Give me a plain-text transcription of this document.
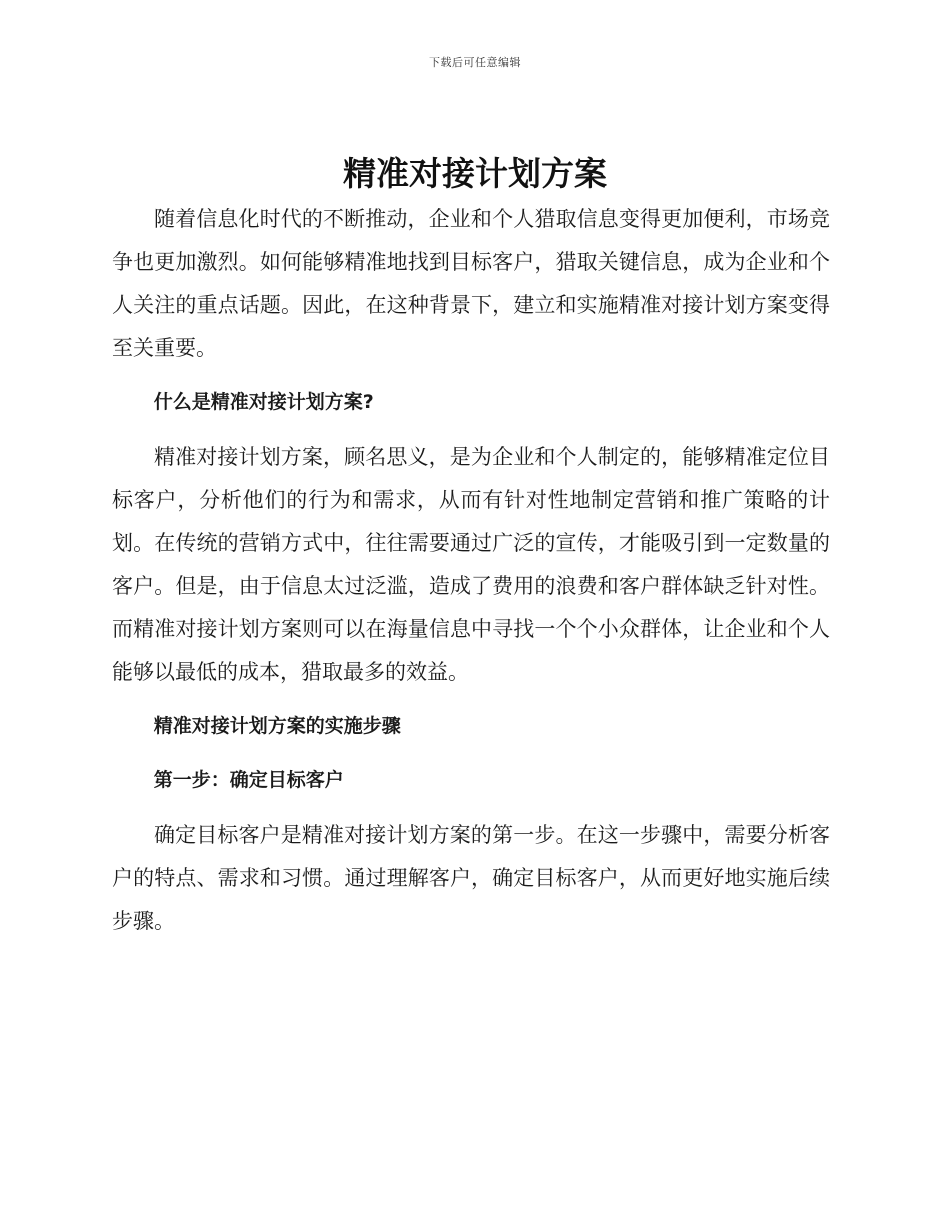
下载后可任意编辑
精准对接计划方案

随着信息化时代的不断推动，企业和个人猎取信息变得更加便利，市场竞争也更加激烈。如何能够精准地找到目标客户，猎取关键信息，成为企业和个人关注的重点话题。因此，在这种背景下，建立和实施精准对接计划方案变得至关重要。

什么是精准对接计划方案?

精准对接计划方案，顾名思义，是为企业和个人制定的，能够精准定位目标客户，分析他们的行为和需求，从而有针对性地制定营销和推广策略的计划。在传统的营销方式中，往往需要通过广泛的宣传，才能吸引到一定数量的客户。但是，由于信息太过泛滥，造成了费用的浪费和客户群体缺乏针对性。而精准对接计划方案则可以在海量信息中寻找一个个小众群体，让企业和个人能够以最低的成本，猎取最多的效益。

精准对接计划方案的实施步骤

第一步：确定目标客户

确定目标客户是精准对接计划方案的第一步。在这一步骤中，需要分析客户的特点、需求和习惯。通过理解客户，确定目标客户，从而更好地实施后续步骤。
